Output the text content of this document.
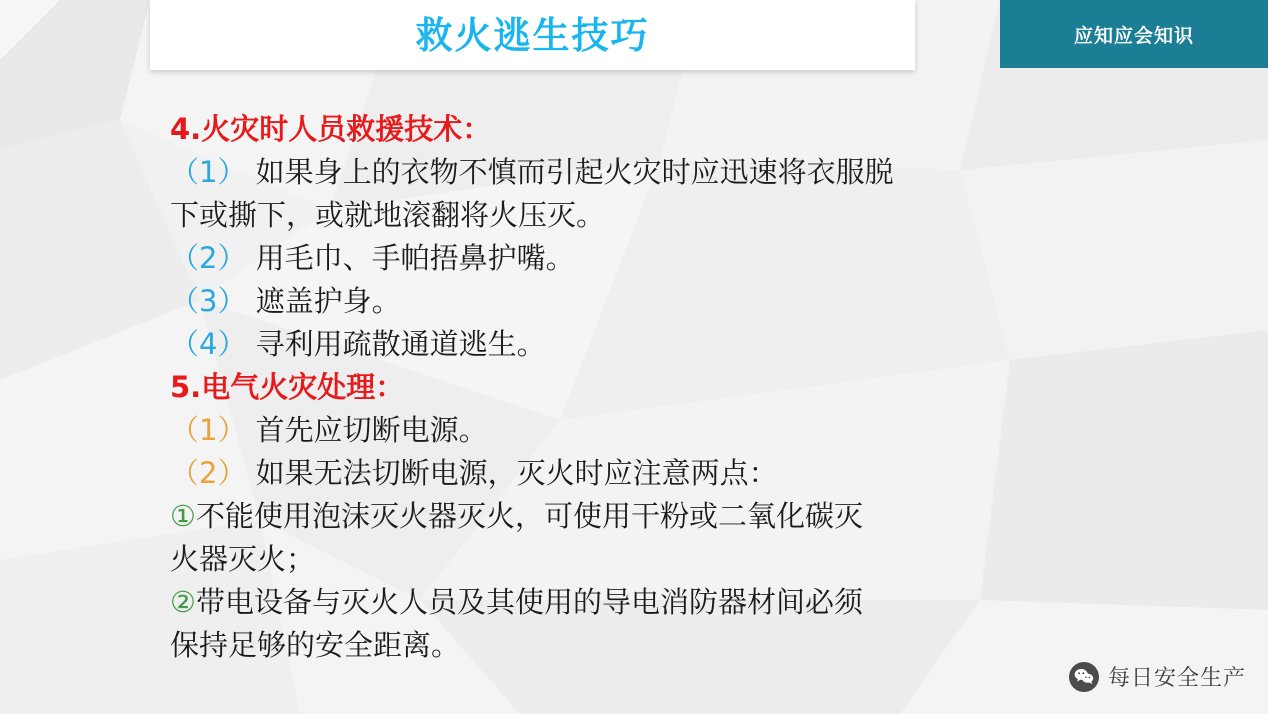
救火逃生技巧	应知应会知识
4.火灾时人员救援技术：
（1） 如果身上的衣物不慎而引起火灾时应迅速将衣服脱
下或撕下，或就地滚翻将火压灭。
（2） 用毛巾、手帕捂鼻护嘴。
（3） 遮盖护身。
（4） 寻利用疏散通道逃生。
5.电气火灾处理：
（1） 首先应切断电源。
（2） 如果无法切断电源，灭火时应注意两点：
①不能使用泡沫灭火器灭火，可使用干粉或二氧化碳灭
火器灭火；
②带电设备与灭火人员及其使用的导电消防器材间必须
保持足够的安全距离。
每日安全生产
